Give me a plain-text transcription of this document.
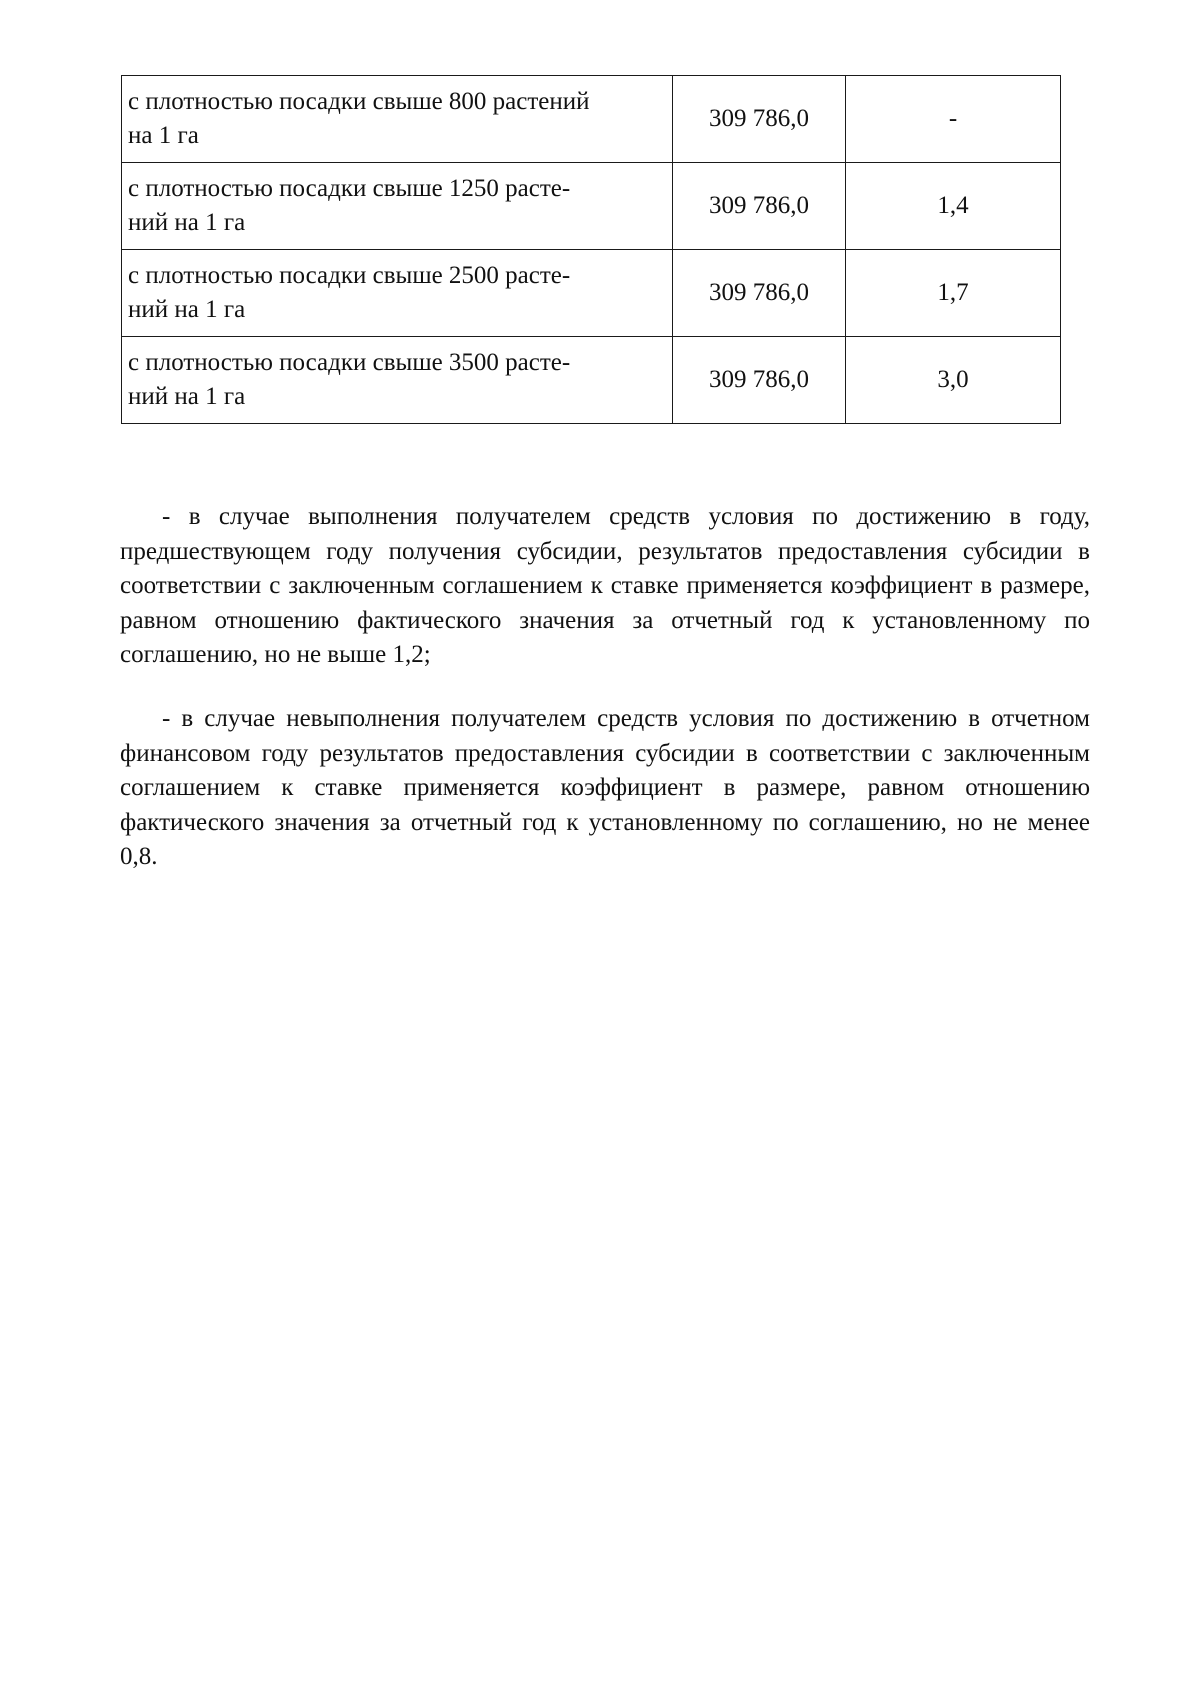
с плотностью посадки свыше 800 растений
на 1 га	309 786,0	-

с плотностью посадки свыше 1250 расте-
ний на 1 га	309 786,0	1,4

с плотностью посадки свыше 2500 расте-
ний на 1 га	309 786,0	1,7

с плотностью посадки свыше 3500 расте-
ний на 1 га	309 786,0	3,0

- в случае выполнения получателем средств условия по достижению в году, предшествующем году получения субсидии, результатов предоставления субсидии в соответствии с заключенным соглашением к ставке применяется коэффициент в размере, равном отношению фактического значения за отчетный год к установленному по соглашению, но не выше 1,2;

- в случае невыполнения получателем средств условия по достижению в отчетном финансовом году результатов предоставления субсидии в соответствии с заключенным соглашением к ставке применяется коэффициент в размере, равном отношению фактического значения за отчетный год к установленному по соглашению, но не менее 0,8.
